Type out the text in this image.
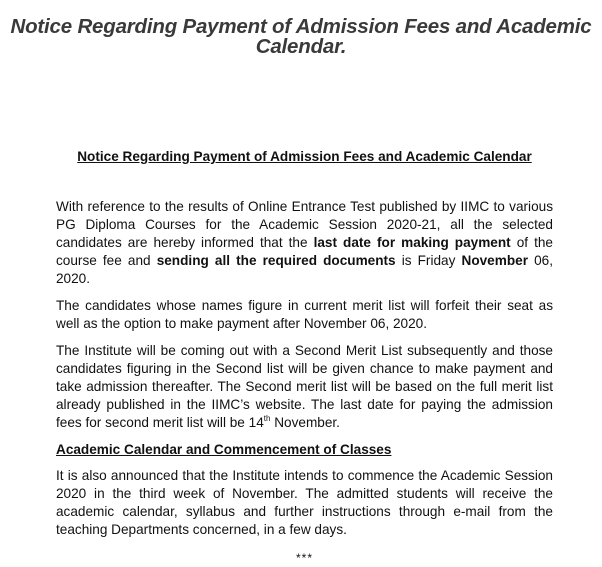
Notice Regarding Payment of Admission Fees and Academic Calendar.
Notice Regarding Payment of Admission Fees and Academic Calendar

With reference to the results of Online Entrance Test published by IIMC to various PG Diploma Courses for the Academic Session 2020-21, all the selected candidates are hereby informed that the last date for making payment of the course fee and sending all the required documents is Friday November 06, 2020.

The candidates whose names figure in current merit list will forfeit their seat as well as the option to make payment after November 06, 2020.

The Institute will be coming out with a Second Merit List subsequently and those candidates figuring in the Second list will be given chance to make payment and take admission thereafter. The Second merit list will be based on the full merit list already published in the IIMC’s website. The last date for paying the admission fees for second merit list will be 14th November.

Academic Calendar and Commencement of Classes

It is also announced that the Institute intends to commence the Academic Session 2020 in the third week of November. The admitted students will receive the academic calendar, syllabus and further instructions through e-mail from the teaching Departments concerned, in a few days.

***
